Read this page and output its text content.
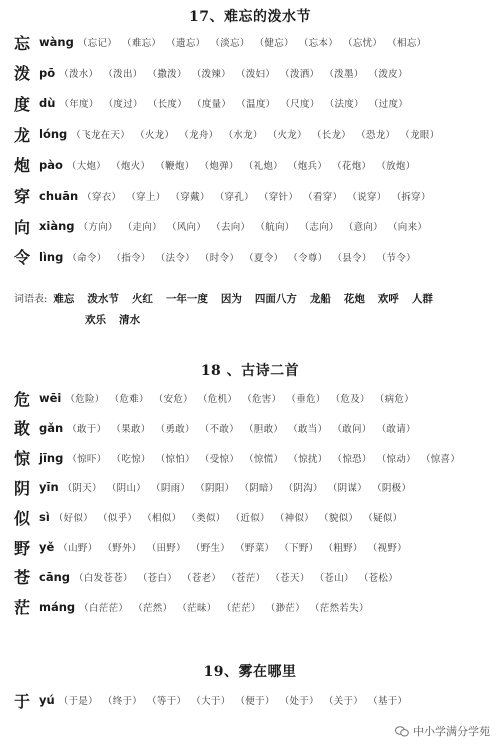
17、难忘的泼水节
忘 wàng （忘记） （难忘） （遗忘） （淡忘） （健忘） （忘本） （忘忧） （相忘）
泼 pō （泼水） （泼出） （撒泼） （泼辣） （泼妇） （泼洒） （泼墨） （泼皮）
度 dù （年度） （度过） （长度） （度量） （温度） （尺度） （法度） （过度）
龙 lóng （飞龙在天） （火龙） （龙舟） （水龙） （火龙） （长龙） （恐龙） （龙眼）
炮 pào （大炮） （炮火） （鞭炮） （炮弹） （礼炮） （炮兵） （花炮） （放炮）
穿 chuān （穿衣） （穿上） （穿戴） （穿孔） （穿针） （看穿） （说穿） （拆穿）
向 xiàng （方向） （走向） （风向） （去向） （航向） （志向） （意向） （向来）
令 lìng （命令） （指令） （法令） （时令） （夏令） （令尊） （县令） （节令）
词语表: 难忘 泼水节 火红 一年一度 因为 四面八方 龙船 花炮 欢呼 人群
欢乐 清水
18 、古诗二首
危 wēi （危险） （危难） （安危） （危机） （危害） （垂危） （危及） （病危）
敢 gǎn （敢于） （果敢） （勇敢） （不敢） （胆敢） （敢当） （敢问） （敢请）
惊 jīng （惊吓） （吃惊） （惊怕） （受惊） （惊慌） （惊扰） （惊恐） （惊动） （惊喜）
阴 yīn （阴天） （阴山） （阴雨） （阴阳） （阴暗） （阴沟） （阴谋） （阴极）
似 sì （好似） （似乎） （相似） （类似） （近似） （神似） （貌似） （疑似）
野 yě （山野） （野外） （田野） （野生） （野菜） （下野） （粗野） （视野）
苍 cāng （白发苍苍） （苍白） （苍老） （苍茫） （苍天） （苍山） （苍松）
茫 máng （白茫茫） （茫然） （茫昧） （茫茫） （渺茫） （茫然若失）
19、雾在哪里
于 yú （于是） （终于） （等于） （大于） （便于） （处于） （关于） （基于）
中小学满分学苑
